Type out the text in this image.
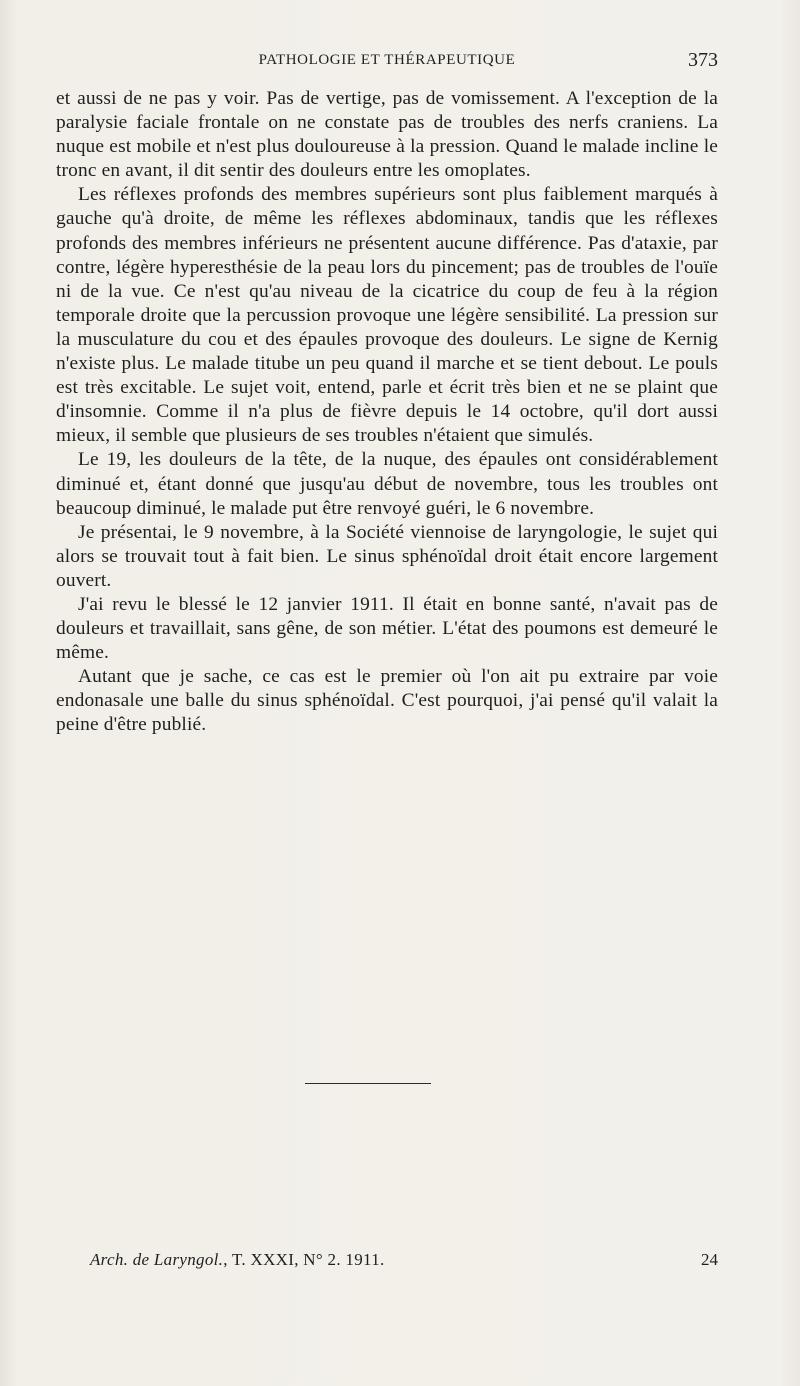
PATHOLOGIE ET THÉRAPEUTIQUE	373

et aussi de ne pas y voir. Pas de vertige, pas de vomissement. A l'exception de la paralysie faciale frontale on ne constate pas de troubles des nerfs craniens. La nuque est mobile et n'est plus douloureuse à la pression. Quand le malade incline le tronc en avant, il dit sentir des douleurs entre les omoplates.

Les réflexes profonds des membres supérieurs sont plus faiblement marqués à gauche qu'à droite, de même les réflexes abdominaux, tandis que les réflexes profonds des membres inférieurs ne présentent aucune différence. Pas d'ataxie, par contre, légère hyperesthésie de la peau lors du pincement; pas de troubles de l'ouïe ni de la vue. Ce n'est qu'au niveau de la cicatrice du coup de feu à la région temporale droite que la percussion provoque une légère sensibilité. La pression sur la musculature du cou et des épaules provoque des douleurs. Le signe de Kernig n'existe plus. Le malade titube un peu quand il marche et se tient debout. Le pouls est très excitable. Le sujet voit, entend, parle et écrit très bien et ne se plaint que d'insomnie. Comme il n'a plus de fièvre depuis le 14 octobre, qu'il dort aussi mieux, il semble que plusieurs de ses troubles n'étaient que simulés.

Le 19, les douleurs de la tête, de la nuque, des épaules ont considérablement diminué et, étant donné que jusqu'au début de novembre, tous les troubles ont beaucoup diminué, le malade put être renvoyé guéri, le 6 novembre.

Je présentai, le 9 novembre, à la Société viennoise de laryngologie, le sujet qui alors se trouvait tout à fait bien. Le sinus sphénoïdal droit était encore largement ouvert.

J'ai revu le blessé le 12 janvier 1911. Il était en bonne santé, n'avait pas de douleurs et travaillait, sans gêne, de son métier. L'état des poumons est demeuré le même.

Autant que je sache, ce cas est le premier où l'on ait pu extraire par voie endonasale une balle du sinus sphénoïdal. C'est pourquoi, j'ai pensé qu'il valait la peine d'être publié.

Arch. de Laryngol., T. XXXI, N° 2. 1911.	24
